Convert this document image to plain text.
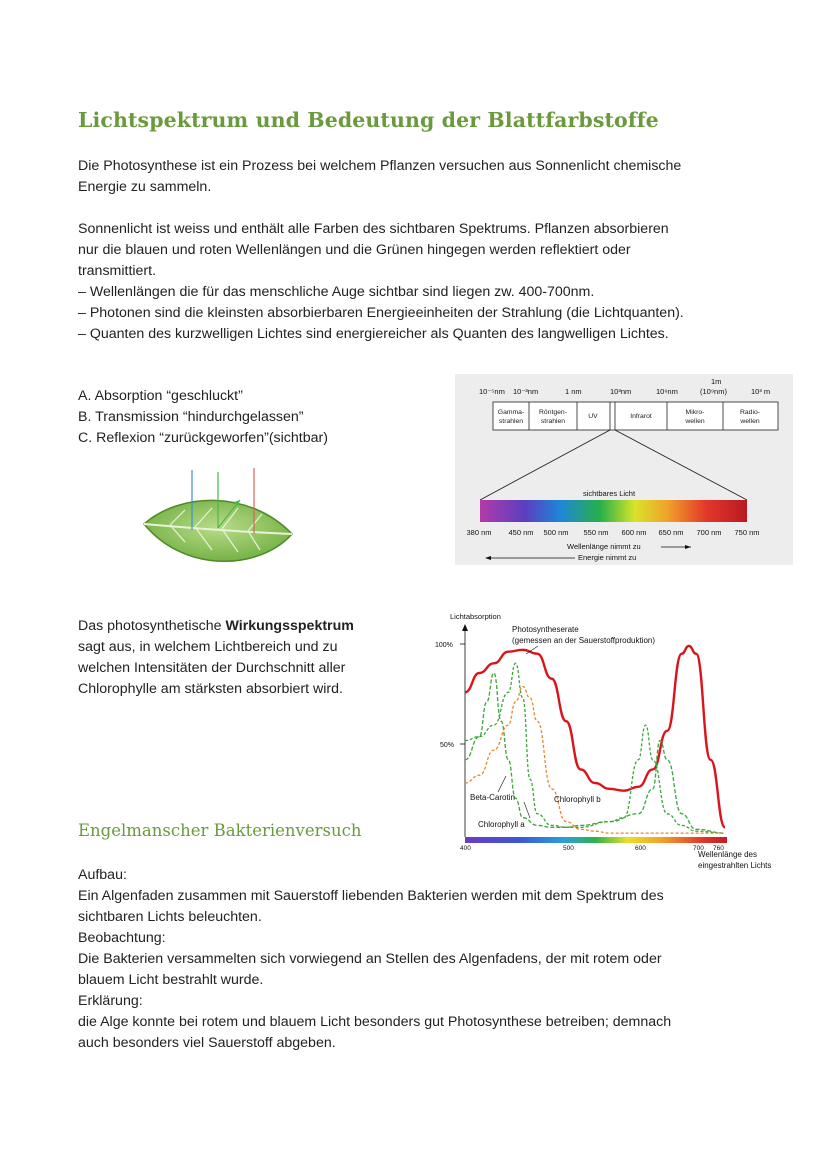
Lichtspektrum und Bedeutung der Blattfarbstoffe
Die Photosynthese ist ein Prozess bei welchem Pflanzen versuchen aus Sonnenlicht chemische
Energie zu sammeln.
Sonnenlicht ist weiss und enthält alle Farben des sichtbaren Spektrums. Pflanzen absorbieren
nur die blauen und roten Wellenlängen und die Grünen hingegen werden reflektiert oder
transmittiert.
– Wellenlängen die für das menschliche Auge sichtbar sind liegen zw. 400-700nm.
– Photonen sind die kleinsten absorbierbaren Energieeinheiten der Strahlung (die Lichtquanten).
– Quanten des kurzwelligen Lichtes sind energiereicher als Quanten des langwelligen Lichtes.
A. Absorption “geschluckt”
B. Transmission “hindurchgelassen”
C. Reflexion “zurückgeworfen”(sichtbar)
10⁻⁵nm 10⁻³nm	1 nm	10³nm	10⁶nm
1m
(10⁹nm)	10³ m
Gamma-
strahlen
Röntgen-
strahlen
UV	Infrarot
Mikro-
wellen
Radio-
wellen
sichtbares Licht
380 nm 450 nm 500 nm 550 nm 600 nm 650 nm 700 nm 750 nm
Wellenlänge nimmt zu
Energie nimmt zu
Das photosynthetische Wirkungsspektrum
sagt aus, in welchem Lichtbereich und zu
welchen Intensitäten der Durchschnitt aller
Chlorophylle am stärksten absorbiert wird.
Lichtabsorption
100%
50%
400	500	600	700 760
Wellenlänge des
eingestrahlten Lichts
Photosyntheserate
(gemessen an der Sauerstoffproduktion)
Beta-Carotin	Chlorophyll b
Chlorophyll a
Engelmanscher Bakterienversuch
Aufbau:
Ein Algenfaden zusammen mit Sauerstoff liebenden Bakterien werden mit dem Spektrum des
sichtbaren Lichts beleuchten.
Beobachtung:
Die Bakterien versammelten sich vorwiegend an Stellen des Algenfadens, der mit rotem oder
blauem Licht bestrahlt wurde.
Erklärung:
die Alge konnte bei rotem und blauem Licht besonders gut Photosynthese betreiben; demnach
auch besonders viel Sauerstoff abgeben.
